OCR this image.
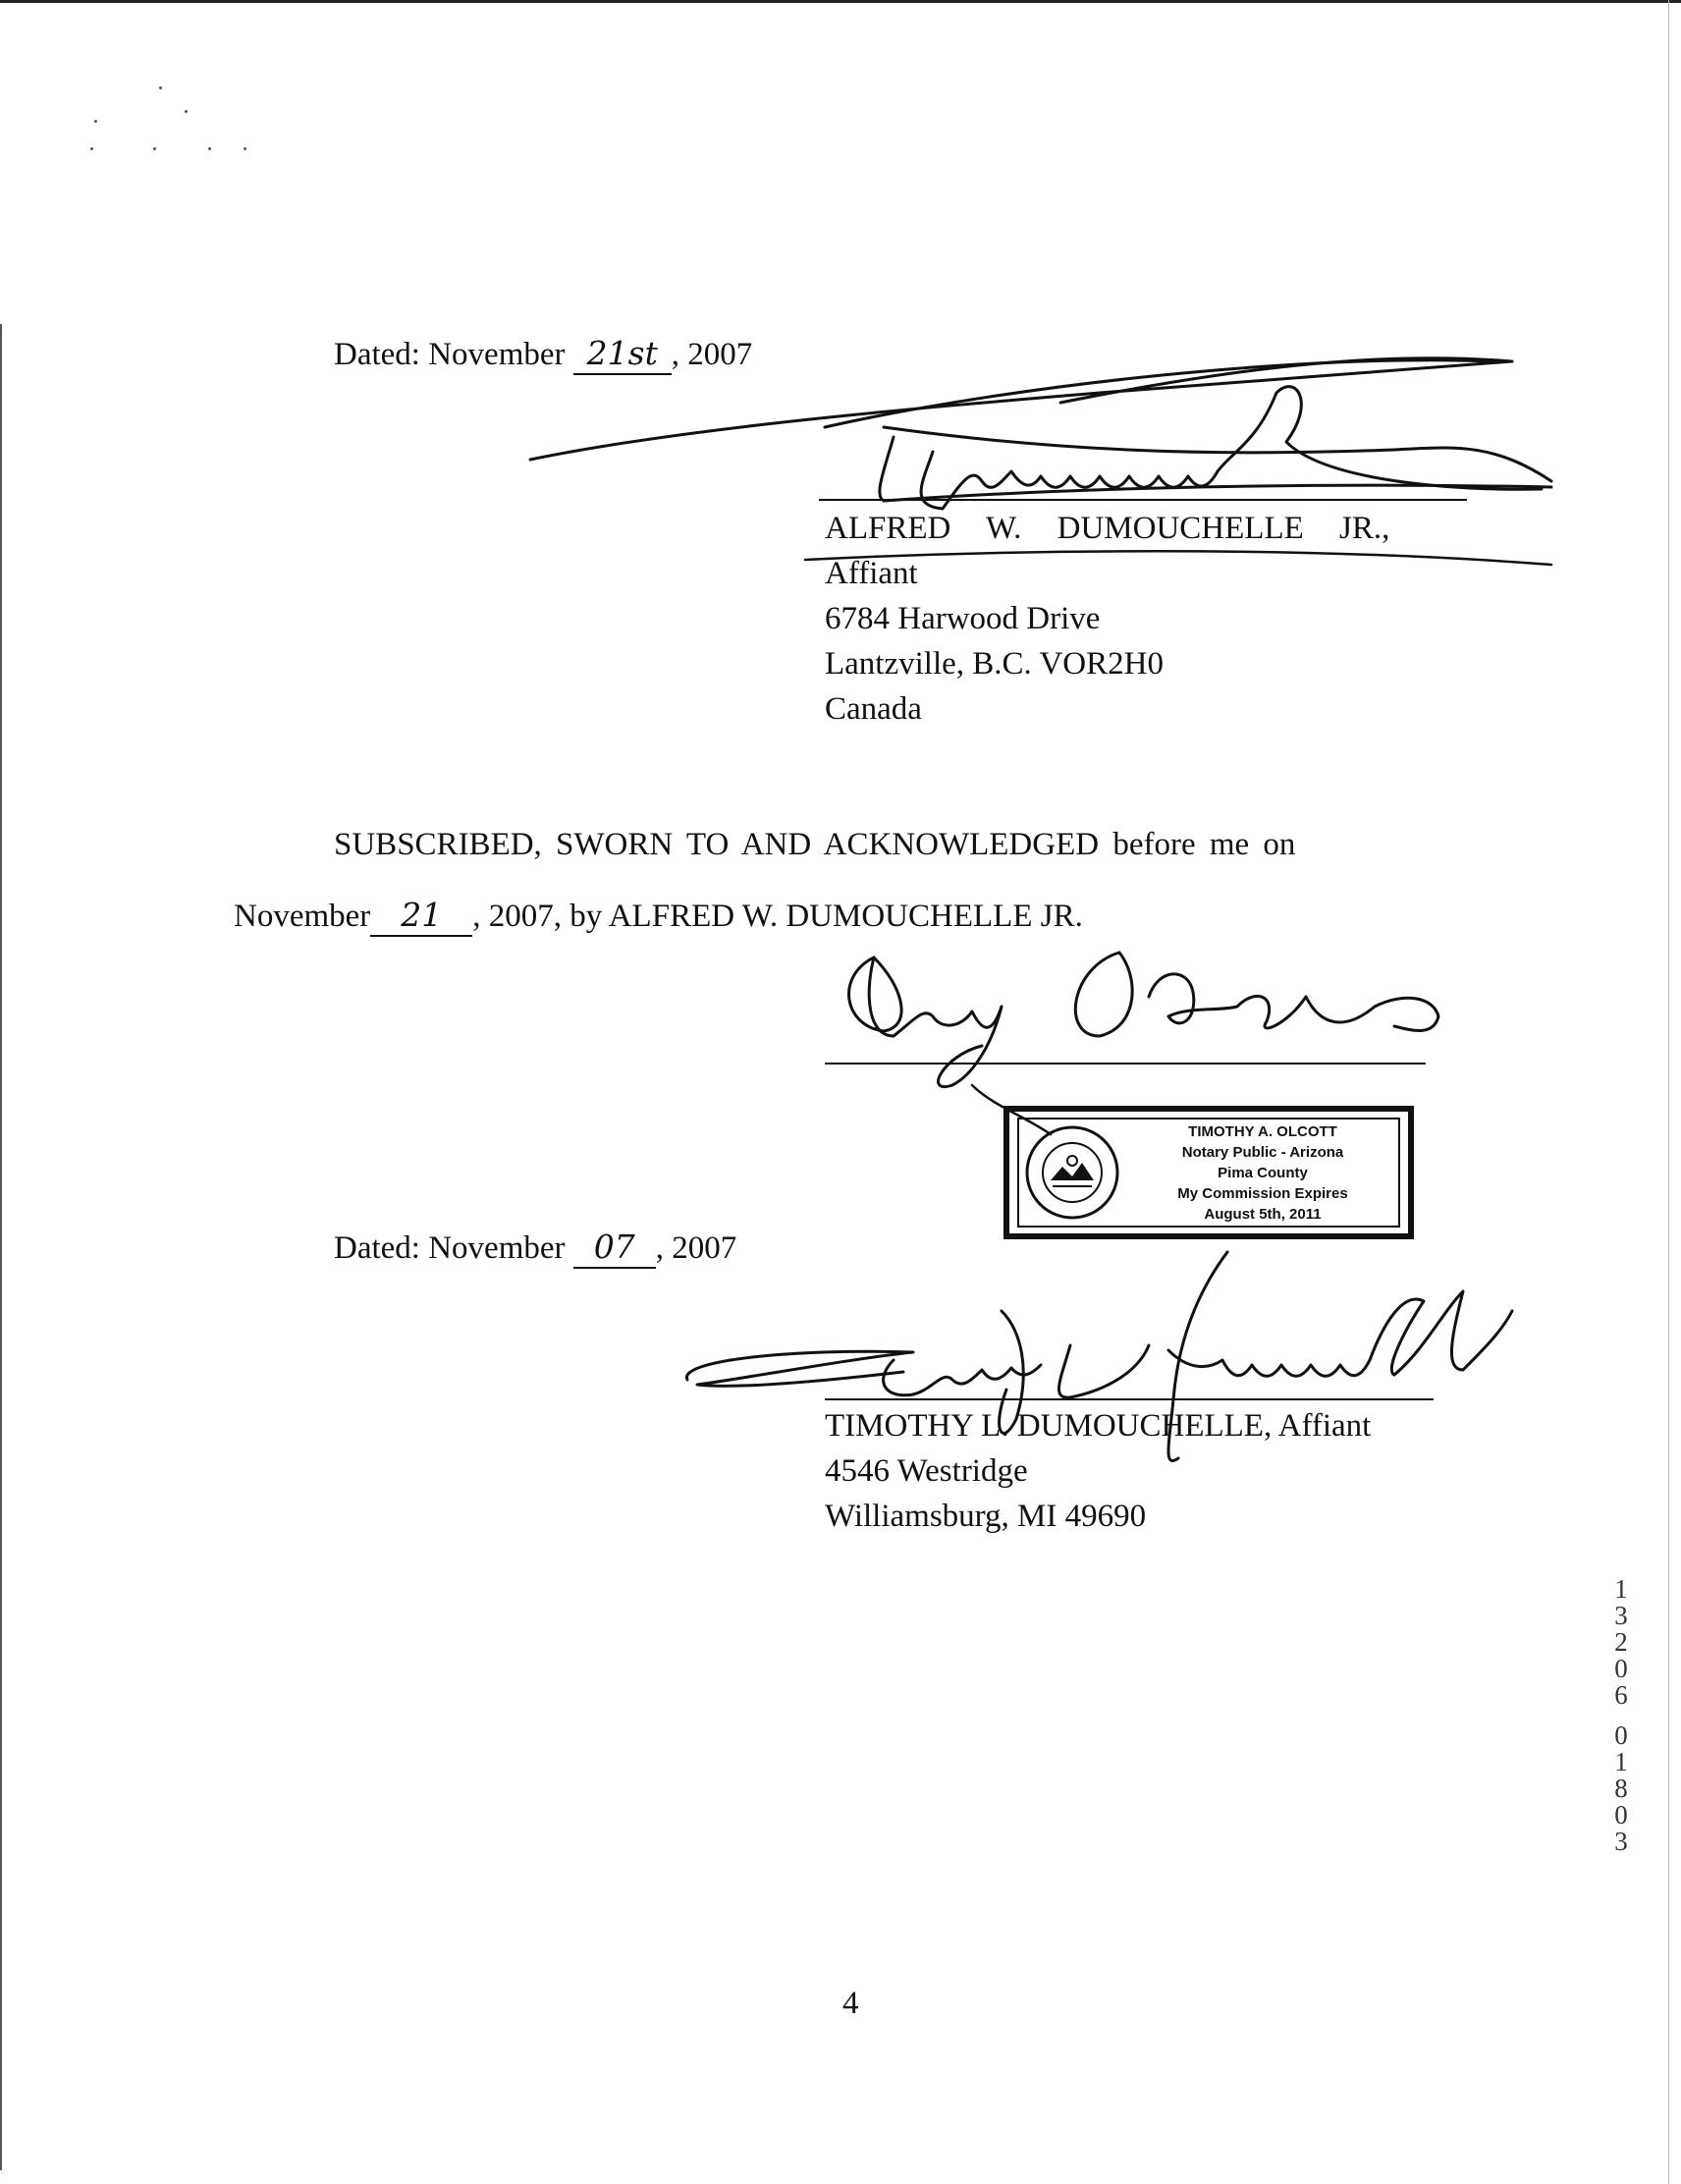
Dated: November 21st , 2007
ALFRED W. DUMOUCHELLE JR.,
Affiant
6784 Harwood Drive
Lantzville, B.C. VOR2H0
Canada
SUBSCRIBED, SWORN TO AND ACKNOWLEDGED before me on
November 21 , 2007, by ALFRED W. DUMOUCHELLE JR.
TIMOTHY A. OLCOTT
Notary Public - Arizona
Pima County
My Commission Expires
August 5th, 2011
Dated: November 07 , 2007
TIMOTHY L. DUMOUCHELLE, Affiant
4546 Westridge
Williamsburg, MI 49690
1
3
2
0
6
0
1
8
0
3
4
